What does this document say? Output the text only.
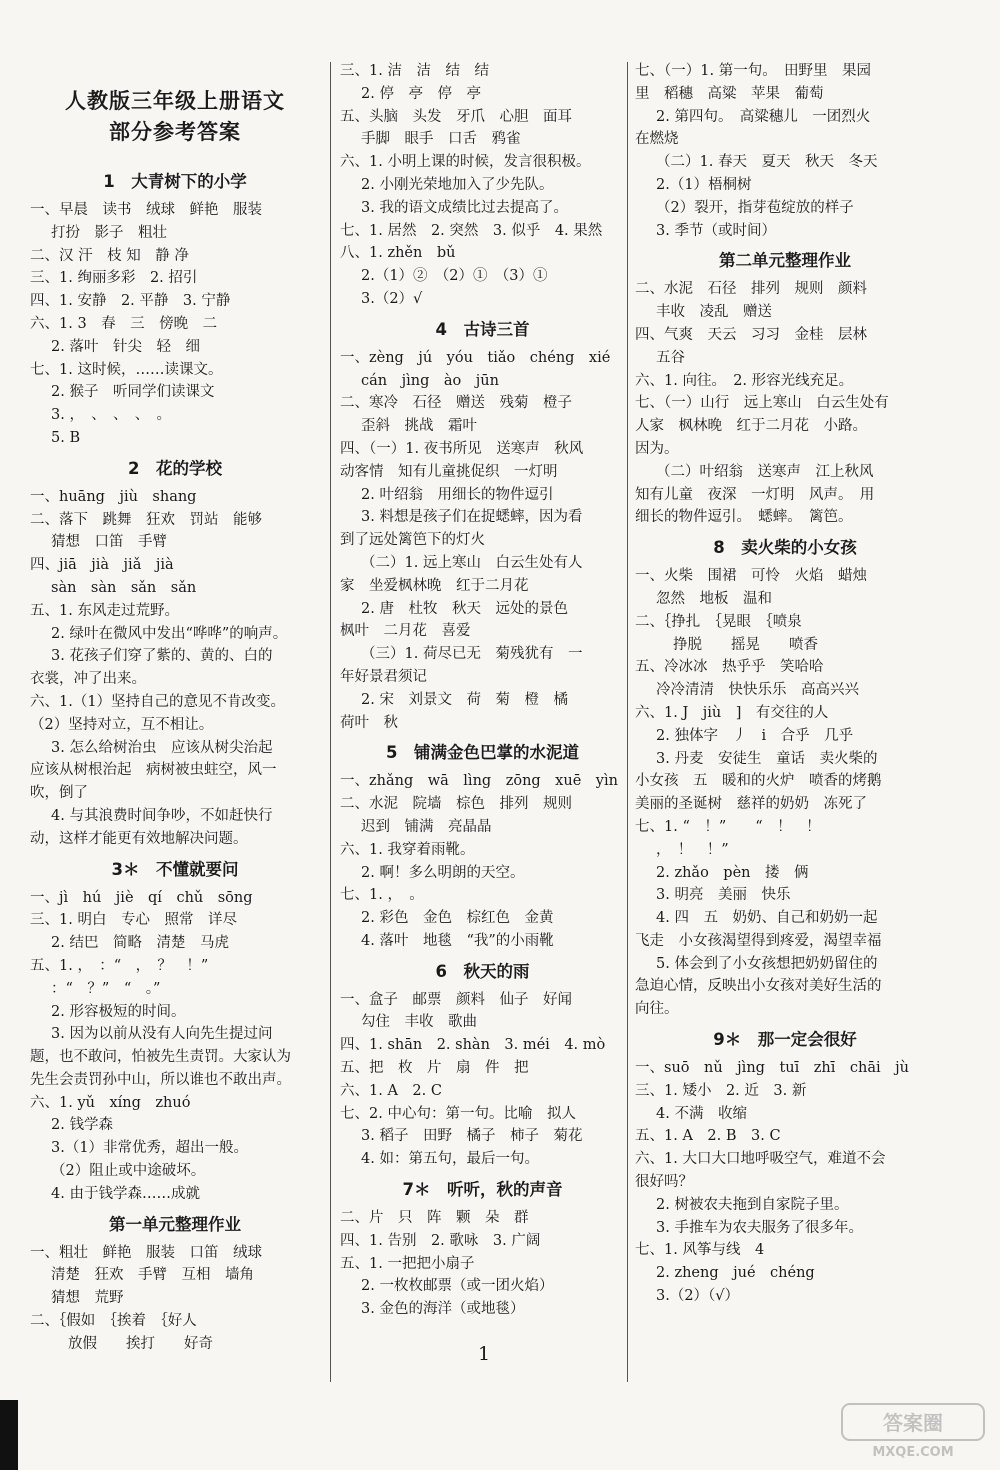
人教版三年级上册语文
部分参考答案
1　大青树下的小学
一、早晨　读书　绒球　鲜艳　服装
打扮　影子　粗壮
二、汉 汗　枝 知　静 净
三、1. 绚丽多彩　2. 招引
四、1. 安静　2. 平静　3. 宁静
六、1. 3　春　三　傍晚　二
2. 落叶　针尖　轻　细
七、1. 这时候，……读课文。
2. 猴子　听同学们读课文
3. ，　、　、　、　。
5. B
2　花的学校
一、huāng　jiù　shang
二、落下　跳舞　狂欢　罚站　能够
猜想　口笛　手臂
四、jiā　jià　jiǎ　jià
sàn　sàn　sǎn　sǎn
五、1. 东风走过荒野。
2. 绿叶在微风中发出“哗哗”的响声。
3. 花孩子们穿了紫的、黄的、白的
衣裳，冲了出来。
六、1.（1）坚持自己的意见不肯改变。
（2）坚持对立，互不相让。
3. 怎么给树治虫　应该从树尖治起
应该从树根治起　病树被虫蛀空，风一
吹，倒了
4. 与其浪费时间争吵，不如赶快行
动，这样才能更有效地解决问题。
3＊　不懂就要问
一、jì　hú　jiè　qí　chǔ　sōng
三、1. 明白　专心　照常　详尽
2. 结巴　简略　清楚　马虎
五、1. ，　：“　，　？　！”
：“　？”　“　。”
2. 形容极短的时间。
3. 因为以前从没有人向先生提过问
题，也不敢问，怕被先生责罚。大家认为
先生会责罚孙中山，所以谁也不敢出声。
六、1. yǔ　xíng　zhuó
2. 钱学森
3.（1）非常优秀，超出一般。
（2）阻止或中途破坏。
4. 由于钱学森……成就
第一单元整理作业
一、粗壮　鲜艳　服装　口笛　绒球
清楚　狂欢　手臂　互相　墙角
猜想　荒野
二、｛假如　｛挨着　｛好人
放假　　挨打　　好奇
三、1. 洁　洁　结　结
2. 停　亭　停　亭
五、头脑　头发　牙爪　心胆　面耳
手脚　眼手　口舌　鸦雀
六、1. 小明上课的时候，发言很积极。
2. 小刚光荣地加入了少先队。
3. 我的语文成绩比过去提高了。
七、1. 居然　2. 突然　3. 似乎　4. 果然
八、1. zhěn　bǔ
2.（1）②　（2）①　（3）①
3.（2）√
4　古诗三首
一、zèng　jú　yóu　tiǎo　chéng　xié
cán　jìng　ào　jūn
二、寒冷　石径　赠送　残菊　橙子
歪斜　挑战　霜叶
四、（一）1. 夜书所见　送寒声　秋风
动客情　知有儿童挑促织　一灯明
2. 叶绍翁　用细长的物件逗引
3. 料想是孩子们在捉蟋蟀，因为看
到了远处篱笆下的灯火
（二）1. 远上寒山　白云生处有人
家　坐爱枫林晚　红于二月花
2. 唐　杜牧　秋天　远处的景色
枫叶　二月花　喜爱
（三）1. 荷尽已无　菊残犹有　一
年好景君须记
2. 宋　刘景文　荷　菊　橙　橘
荷叶　秋
5　铺满金色巴掌的水泥道
一、zhǎng　wā　lìng　zōng　xuē　yìn
二、水泥　院墙　棕色　排列　规则
迟到　铺满　亮晶晶
六、1. 我穿着雨靴。
2. 啊！多么明朗的天空。
七、1. ，　。
2. 彩色　金色　棕红色　金黄
4. 落叶　地毯　“我”的小雨靴
6　秋天的雨
一、盒子　邮票　颜料　仙子　好闻
勾住　丰收　歌曲
四、1. shān　2. shàn　3. méi　4. mò
五、把　枚　片　扇　件　把
六、1. A　2. C
七、2. 中心句：第一句。比喻　拟人
3. 稻子　田野　橘子　柿子　菊花
4. 如：第五句，最后一句。
7＊　听听，秋的声音
二、片　只　阵　颗　朵　群
四、1. 告别　2. 歌咏　3. 广阔
五、1. 一把把小扇子
2. 一枚枚邮票（或一团火焰）
3. 金色的海洋（或地毯）
七、（一）1. 第一句。　田野里　果园
里　稻穗　高粱　苹果　葡萄
2. 第四句。　高粱穗儿　一团烈火
在燃烧
（二）1. 春天　夏天　秋天　冬天
2.（1）梧桐树
（2）裂开，指芽苞绽放的样子
3. 季节（或时间）
第二单元整理作业
二、水泥　石径　排列　规则　颜料
丰收　凌乱　赠送
四、气爽　天云　习习　金桂　层林
五谷
六、1. 向往。　2. 形容光线充足。
七、（一）山行　远上寒山　白云生处有
人家　枫林晚　红于二月花　小路。
因为。
（二）叶绍翁　送寒声　江上秋风
知有儿童　夜深　一灯明　风声。　用
细长的物件逗引。　蟋蟀。　篱笆。
8　卖火柴的小女孩
一、火柴　围裙　可怜　火焰　蜡烛
忽然　地板　温和
二、｛挣扎　｛晃眼　｛喷泉
挣脱　　摇晃　　喷香
五、冷冰冰　热乎乎　笑哈哈
冷冷清清　快快乐乐　高高兴兴
六、1. J　jiù　]　有交往的人
2. 独体字　丿　i　合乎　几乎
3. 丹麦　安徒生　童话　卖火柴的
小女孩　五　暖和的火炉　喷香的烤鹅
美丽的圣诞树　慈祥的奶奶　冻死了
七、1. “　！”　　“　！　！
，　！　！”
2. zhǎo　pèn　搂　俩
3. 明亮　美丽　快乐
4. 四　五　奶奶、自己和奶奶一起
飞走　小女孩渴望得到疼爱，渴望幸福
5. 体会到了小女孩想把奶奶留住的
急迫心情，反映出小女孩对美好生活的
向往。
9＊　那一定会很好
一、suō　nǔ　jìng　tuī　zhī　chāi　jù
三、1. 矮小　2. 近　3. 新
4. 不满　收缩
五、1. A　2. B　3. C
六、1. 大口大口地呼吸空气，难道不会
很好吗？
2. 树被农夫拖到自家院子里。
3. 手推车为农夫服务了很多年。
七、1. 风筝与线　4
2. zheng　jué　chéng
3.（2）（√）
1
答案圈
MXQE.COM
